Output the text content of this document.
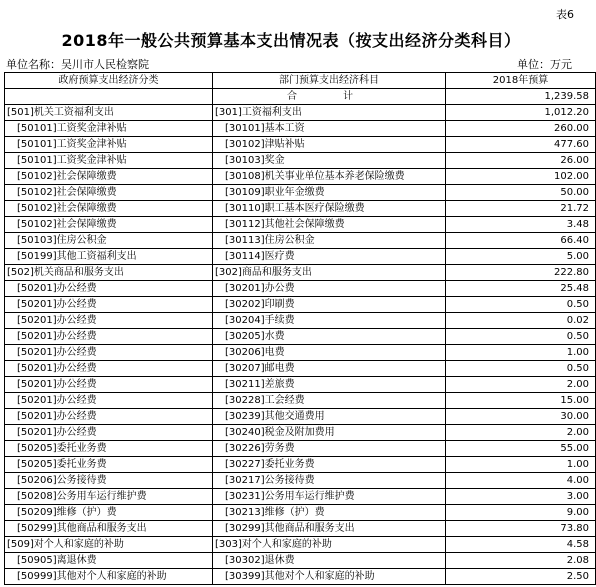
表6
2018年一般公共预算基本支出情况表（按支出经济分类科目）
单位名称：吴川市人民检察院	单位：万元
政府预算支出经济分类	部门预算支出经济科目	2018年预算
	合　计	1,239.58
[501]机关工资福利支出	[301]工资福利支出	1,012.20
[50101]工资奖金津补贴	[30101]基本工资	260.00
[50101]工资奖金津补贴	[30102]津贴补贴	477.60
[50101]工资奖金津补贴	[30103]奖金	26.00
[50102]社会保障缴费	[30108]机关事业单位基本养老保险缴费	102.00
[50102]社会保障缴费	[30109]职业年金缴费	50.00
[50102]社会保障缴费	[30110]职工基本医疗保险缴费	21.72
[50102]社会保障缴费	[30112]其他社会保障缴费	3.48
[50103]住房公积金	[30113]住房公积金	66.40
[50199]其他工资福利支出	[30114]医疗费	5.00
[502]机关商品和服务支出	[302]商品和服务支出	222.80
[50201]办公经费	[30201]办公费	25.48
[50201]办公经费	[30202]印刷费	0.50
[50201]办公经费	[30204]手续费	0.02
[50201]办公经费	[30205]水费	0.50
[50201]办公经费	[30206]电费	1.00
[50201]办公经费	[30207]邮电费	0.50
[50201]办公经费	[30211]差旅费	2.00
[50201]办公经费	[30228]工会经费	15.00
[50201]办公经费	[30239]其他交通费用	30.00
[50201]办公经费	[30240]税金及附加费用	2.00
[50205]委托业务费	[30226]劳务费	55.00
[50205]委托业务费	[30227]委托业务费	1.00
[50206]公务接待费	[30217]公务接待费	4.00
[50208]公务用车运行维护费	[30231]公务用车运行维护费	3.00
[50209]维修（护）费	[30213]维修（护）费	9.00
[50299]其他商品和服务支出	[30299]其他商品和服务支出	73.80
[509]对个人和家庭的补助	[303]对个人和家庭的补助	4.58
[50905]离退休费	[30302]退休费	2.08
[50999]其他对个人和家庭的补助	[30399]其他对个人和家庭的补助	2.50
